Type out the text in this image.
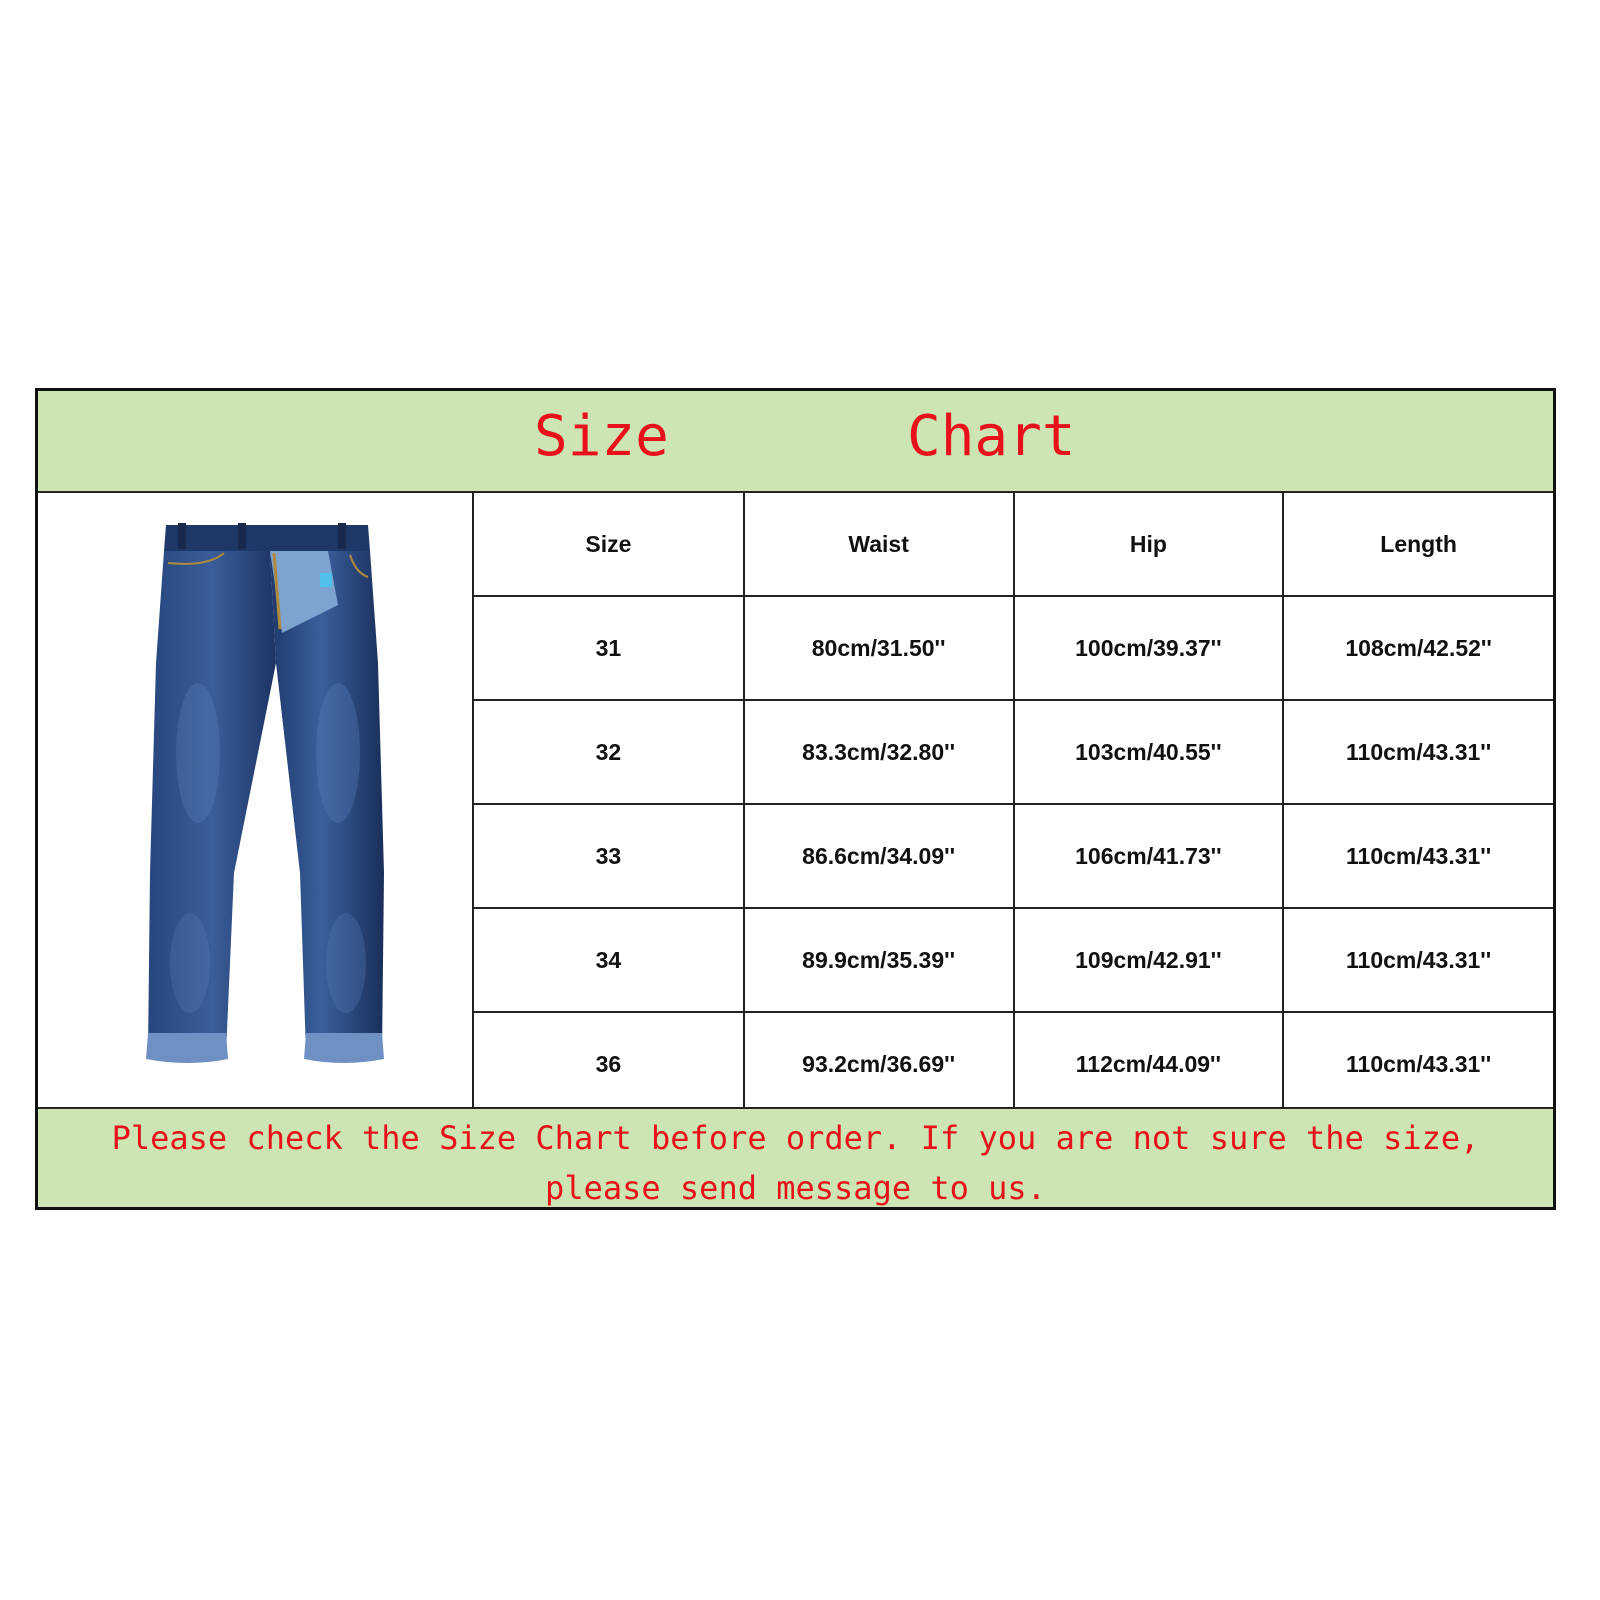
Size	Chart
Size	Waist	Hip	Length
31	80cm/31.50''	100cm/39.37''	108cm/42.52''
32	83.3cm/32.80''	103cm/40.55''	110cm/43.31''
33	86.6cm/34.09''	106cm/41.73''	110cm/43.31''
34	89.9cm/35.39''	109cm/42.91''	110cm/43.31''
36	93.2cm/36.69''	112cm/44.09''	110cm/43.31''
Please check the Size Chart before order. If you are not sure the size, please send message to us.
